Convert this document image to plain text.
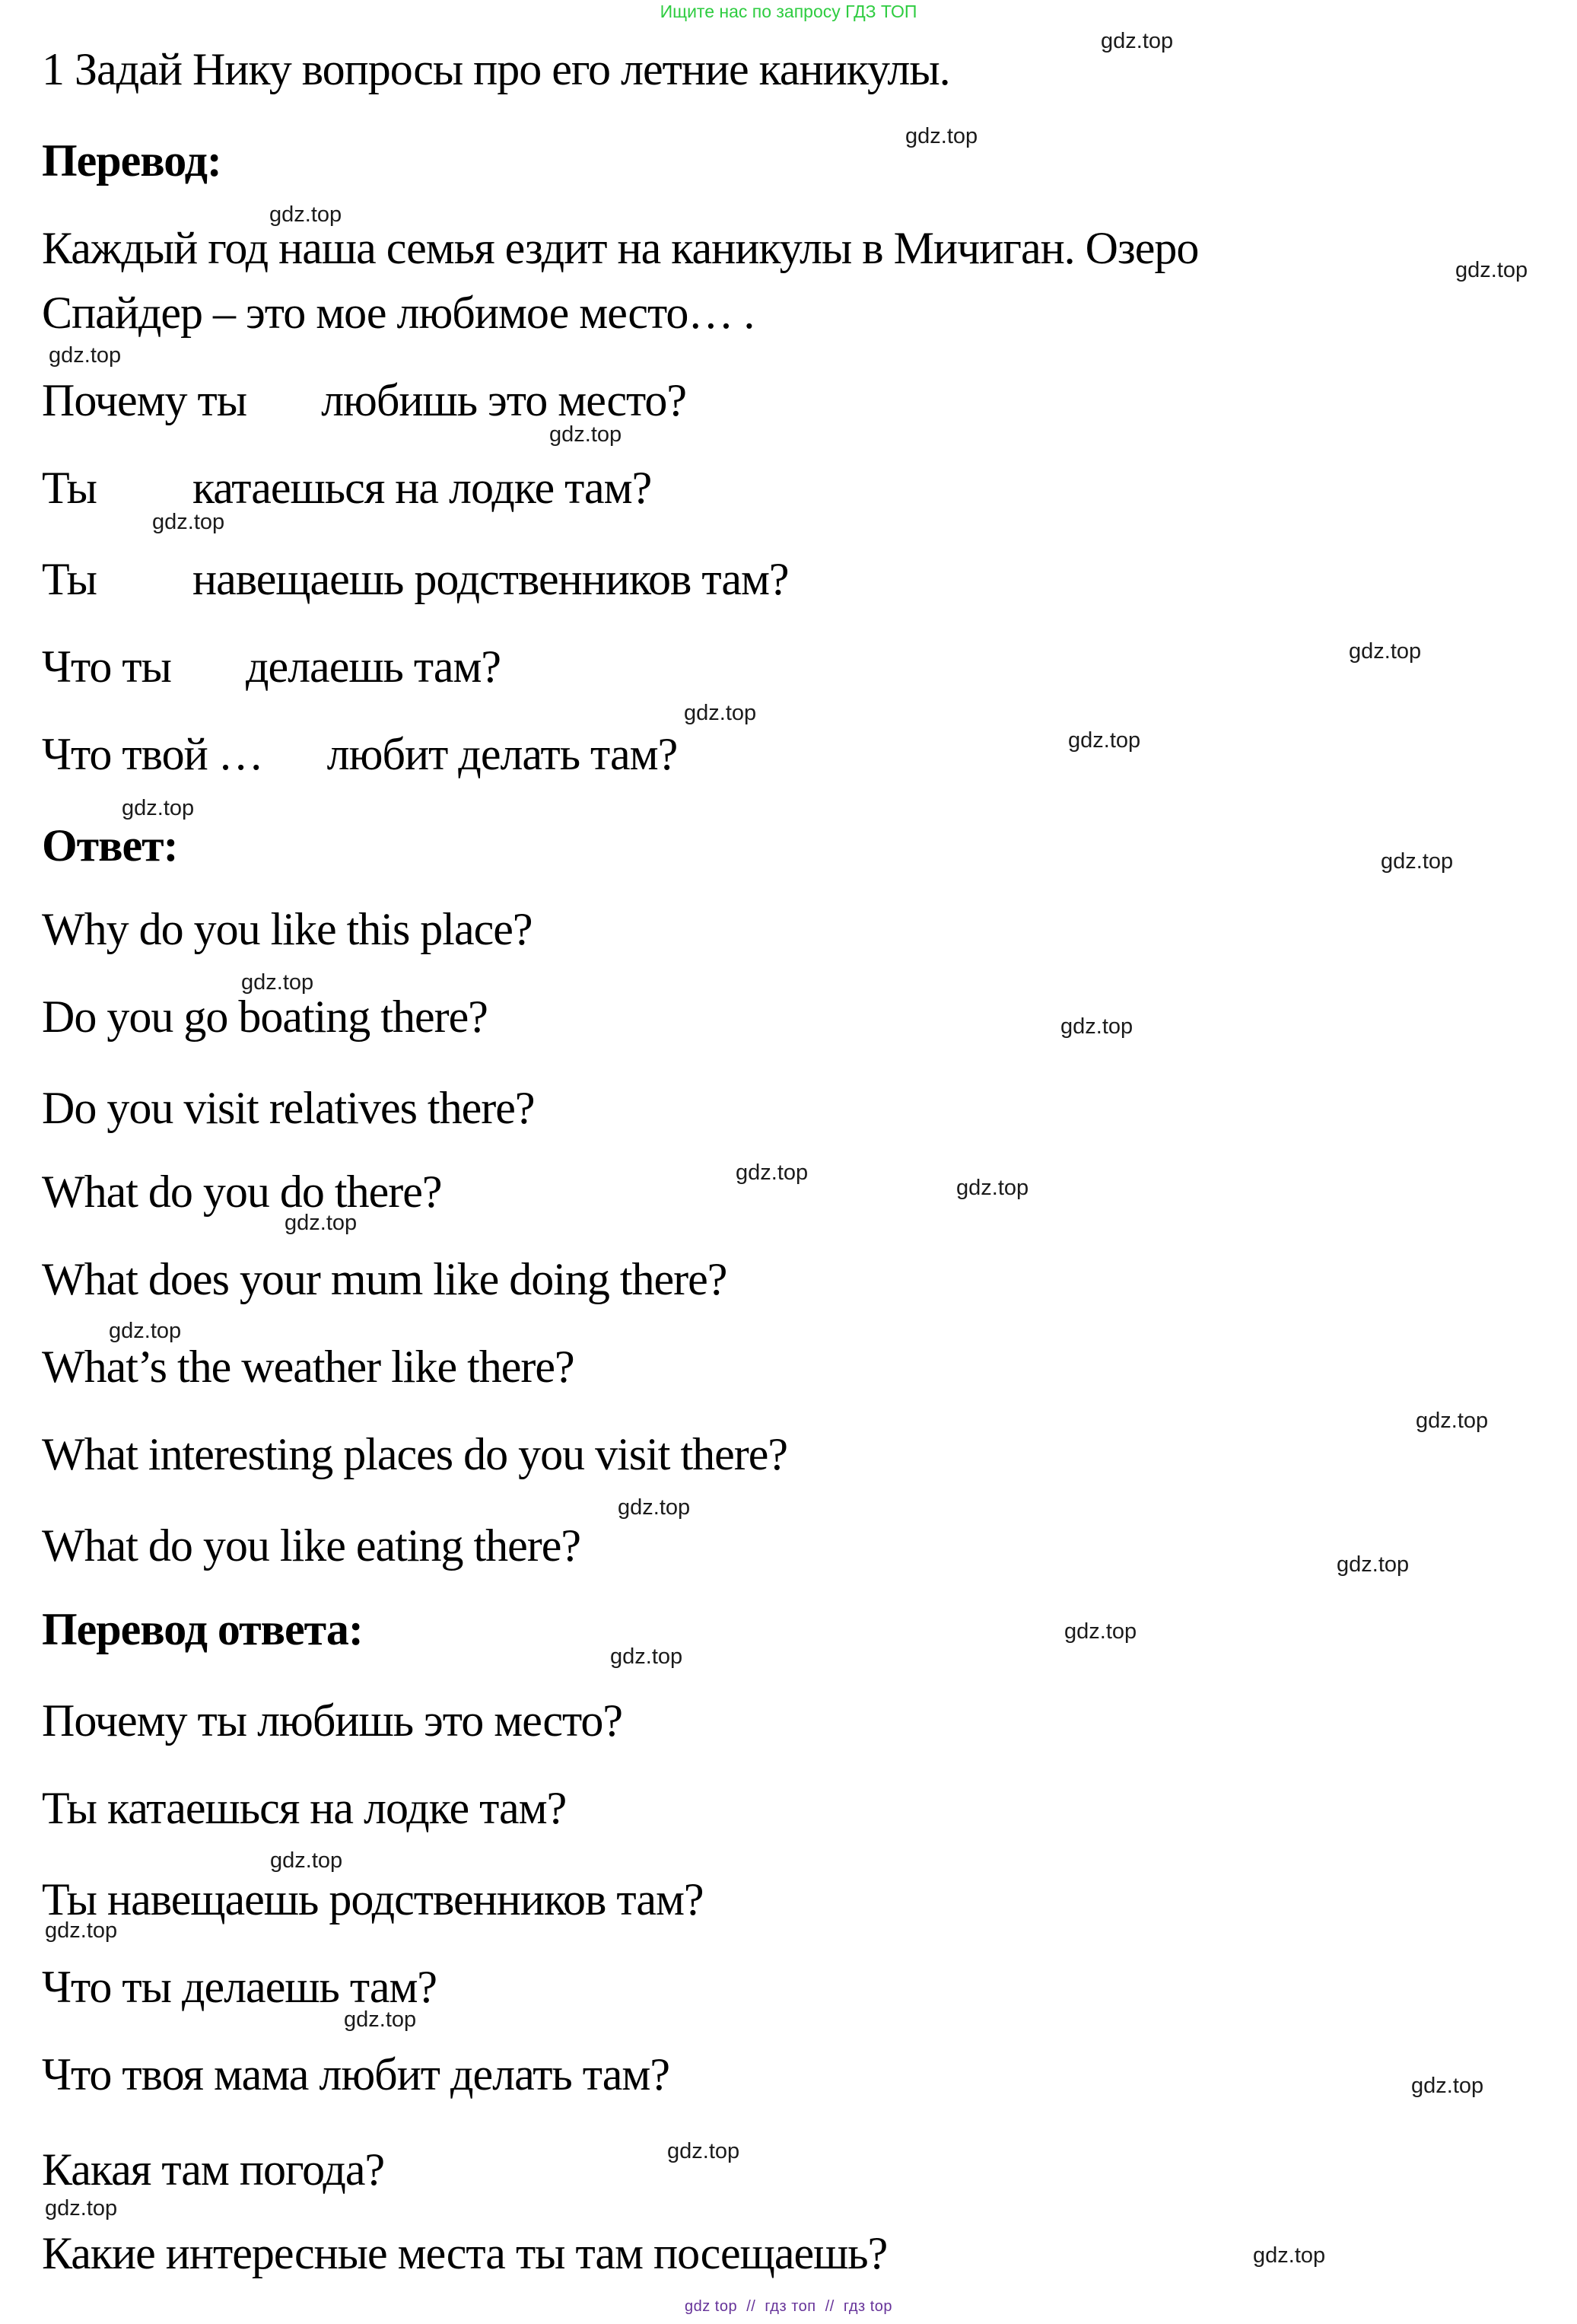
Ищите нас по запросу ГДЗ ТОП
1 Задай Нику вопросы про его летние каникулы.
Перевод:
Каждый год наша семья ездит на каникулы в Мичиган. Озеро
Спайдер – это мое любимое место… .
Почему ты       любишь это место?
Ты         катаешься на лодке там?
Ты         навещаешь родственников там?
Что ты       делаешь там?
Что твой …      любит делать там?
Ответ:
Why do you like this place?
Do you go boating there?
Do you visit relatives there?
What do you do there?
What does your mum like doing there?
What’s the weather like there?
What interesting places do you visit there?
What do you like eating there?
Перевод ответа:
Почему ты любишь это место?
Ты катаешься на лодке там?
Ты навещаешь родственников там?
Что ты делаешь там?
Что твоя мама любит делать там?
Какая там погода?
Какие интересные места ты там посещаешь?
gdz.top
gdz.top
gdz.top
gdz.top
gdz.top
gdz.top
gdz.top
gdz.top
gdz.top
gdz.top
gdz.top
gdz.top
gdz.top
gdz.top
gdz.top
gdz.top
gdz.top
gdz.top
gdz.top
gdz.top
gdz.top
gdz.top
gdz.top
gdz.top
gdz.top
gdz.top
gdz.top
gdz.top
gdz.top
gdz.top
gdz top  //  гдз топ  //  гдз top
